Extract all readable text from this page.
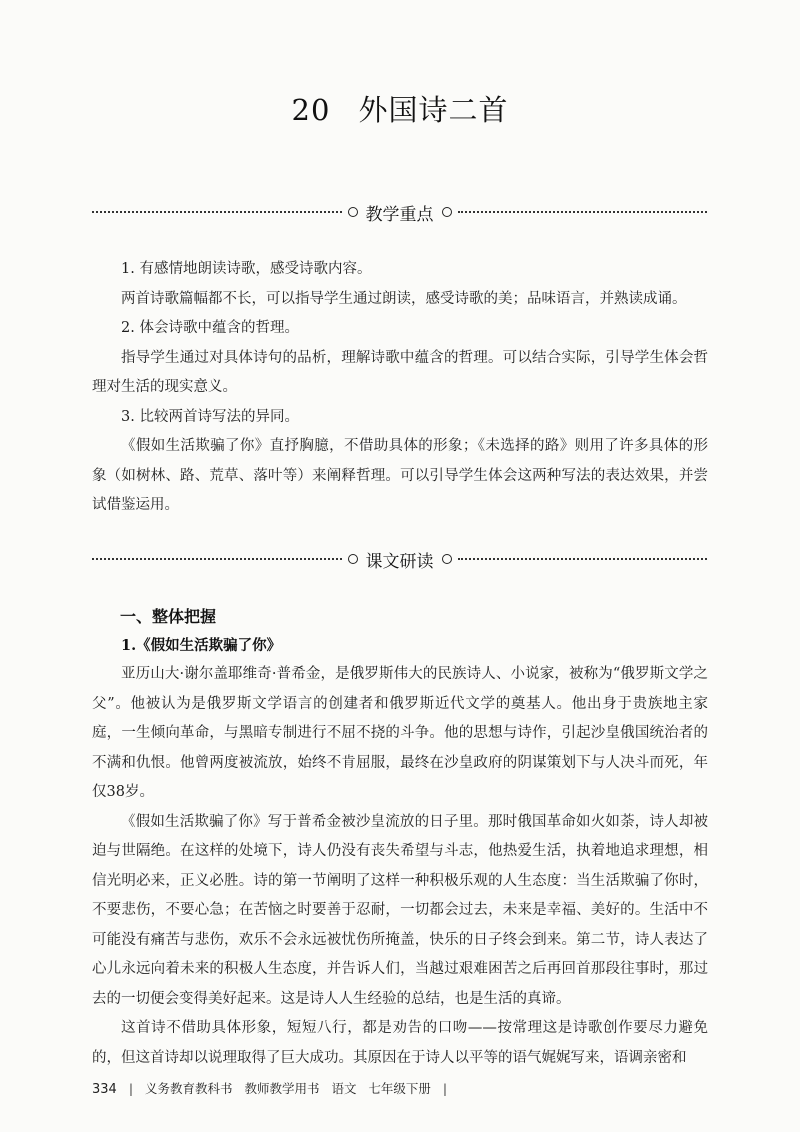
20 外国诗二首
教学重点

1. 有感情地朗读诗歌，感受诗歌内容。

两首诗歌篇幅都不长，可以指导学生通过朗读，感受诗歌的美；品味语言，并熟读成诵。

2. 体会诗歌中蕴含的哲理。

指导学生通过对具体诗句的品析，理解诗歌中蕴含的哲理。可以结合实际，引导学生体会哲理对生活的现实意义。

3. 比较两首诗写法的异同。

《假如生活欺骗了你》直抒胸臆，不借助具体的形象；《未选择的路》则用了许多具体的形象（如树林、路、荒草、落叶等）来阐释哲理。可以引导学生体会这两种写法的表达效果，并尝试借鉴运用。

课文研读
一、整体把握
1.《假如生活欺骗了你》

亚历山大·谢尔盖耶维奇·普希金，是俄罗斯伟大的民族诗人、小说家，被称为“俄罗斯文学之父”。他被认为是俄罗斯文学语言的创建者和俄罗斯近代文学的奠基人。他出身于贵族地主家庭，一生倾向革命，与黑暗专制进行不屈不挠的斗争。他的思想与诗作，引起沙皇俄国统治者的不满和仇恨。他曾两度被流放，始终不肯屈服，最终在沙皇政府的阴谋策划下与人决斗而死，年仅38岁。

《假如生活欺骗了你》写于普希金被沙皇流放的日子里。那时俄国革命如火如荼，诗人却被迫与世隔绝。在这样的处境下，诗人仍没有丧失希望与斗志，他热爱生活，执着地追求理想，相信光明必来，正义必胜。诗的第一节阐明了这样一种积极乐观的人生态度：当生活欺骗了你时，不要悲伤，不要心急；在苦恼之时要善于忍耐，一切都会过去，未来是幸福、美好的。生活中不可能没有痛苦与悲伤，欢乐不会永远被忧伤所掩盖，快乐的日子终会到来。第二节，诗人表达了心儿永远向着未来的积极人生态度，并告诉人们，当越过艰难困苦之后再回首那段往事时，那过去的一切便会变得美好起来。这是诗人人生经验的总结，也是生活的真谛。

这首诗不借助具体形象，短短八行，都是劝告的口吻——按常理这是诗歌创作要尽力避免的，但这首诗却以说理取得了巨大成功。其原因在于诗人以平等的语气娓娓写来，语调亲密和

334 | 义务教育教科书 教师教学用书 语文 七年级下册 |
